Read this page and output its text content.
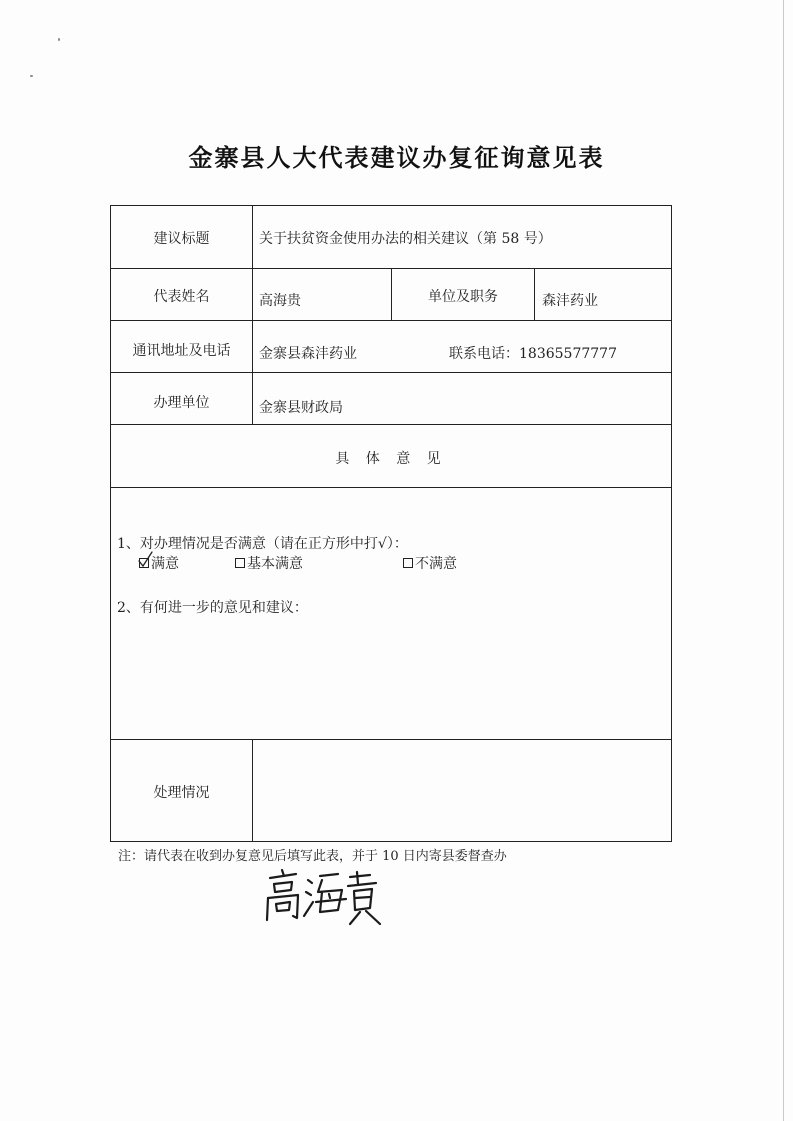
金寨县人大代表建议办复征询意见表
建议标题	关于扶贫资金使用办法的相关建议（第 58 号）
代表姓名	高海贵	单位及职务	森沣药业
通讯地址及电话	金寨县森沣药业	联系电话：18365577777
办理单位	金寨县财政局
具 体 意 见
1、对办理情况是否满意（请在正方形中打√）：
满意	基本满意	不满意
2、有何进一步的意见和建议：
处理情况
注：请代表在收到办复意见后填写此表，并于 10 日内寄县委督查办
